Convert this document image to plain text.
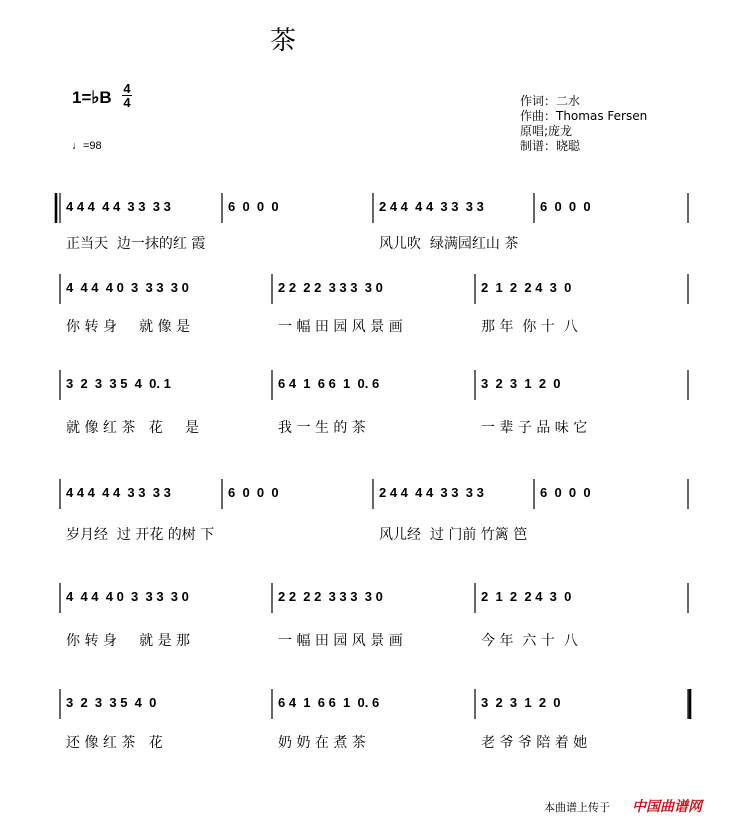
茶
1=♭B 4
4
♩=98
作词：二水
作曲：Thomas Fersen
原唱;庞龙
制谱：晓聪
4 4 4  4 4  3 3  3 3
正当天  边一抹的红 霞
6  0  0  0	2 4 4  4 4  3 3  3 3
风儿吹  绿满园红山 茶
6  0  0  0
4  4 4  4 0  3  3 3  3 0
你 转 身     就 像 是
2 2  2 2  3 3 3  3 0
一 幅 田 园 风 景 画
2  1  2  2 4  3  0
那 年  你 十  八
3  2  3  3 5  4  0. 1
就 像 红 茶   花     是
6 4  1  6 6  1  0. 6
我 一 生 的 茶
3  2  3  1  2  0
一 辈 子 品 味 它
4 4 4  4 4  3 3  3 3
岁月经  过 开花 的树 下
6  0  0  0	2 4 4  4 4  3 3  3 3
风儿经  过 门前 竹篱 笆
6  0  0  0
4  4 4  4 0  3  3 3  3 0
你 转 身     就 是 那
2 2  2 2  3 3 3  3 0
一 幅 田 园 风 景 画
2  1  2  2 4  3  0
今 年  六 十  八
3  2  3  3 5  4  0
还 像 红 茶   花
6 4  1  6 6  1  0. 6
奶 奶 在 煮 茶
3  2  3  1  2  0
老 爷 爷 陪 着 她
本曲谱上传于 中国曲谱网
